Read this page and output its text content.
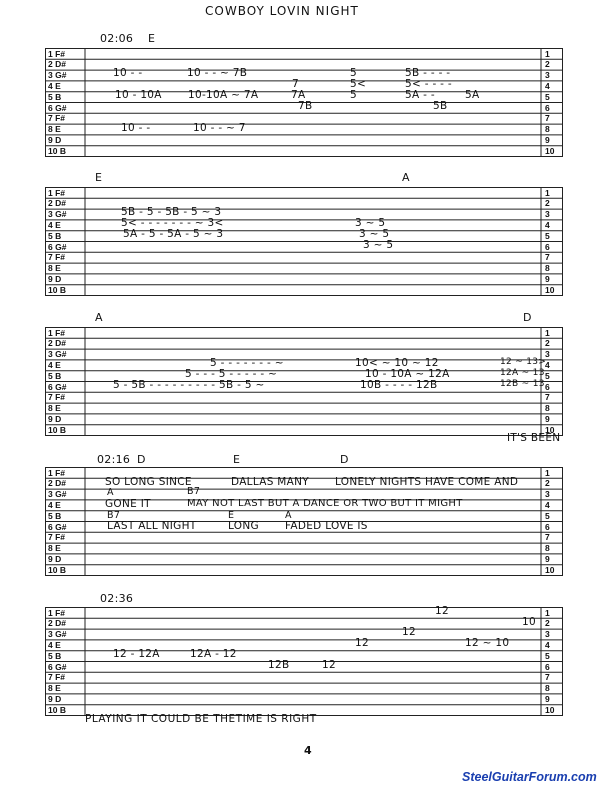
COWBOY LOVIN NIGHT
02:06 E
10 - -	10 - - ~ 7B	5	5B - - - -
7	5<	5< - - - -
10 - 10A 10-10A ~ 7A	7A	5	5A - -	5A
7B	5B
10 - -	10 - - ~ 7
1 F#	1
2 D#	2
3 G#	3
4 E	4
5 B	5
6 G#	6
7 F#	7
8 E	8
9 D	9
10 B	10
E	A
5B - 5 - 5B - 5 ~ 3
5< - - - - - - - ~ 3<	3 ~ 5
5A - 5 - 5A - 5 ~ 3	3 ~ 5
3 ~ 5
1 F#	1
2 D#	2
3 G#	3
4 E	4
5 B	5
6 G#	6
7 F#	7
8 E	8
9 D	9
10 B	10
A	D
5 - - - - - - - ~	10< ~ 10 ~ 12	12 ~ 13>
5 - - - 5 - - - - - ~	10 - 10A ~ 12A	12A ~ 13
5 - 5B - - - - - - - - - 5B - 5 ~	10B - - - - 12B	12B ~ 13
IT'S BEEN
1 F#	1
2 D#	2
3 G#	3
4 E	4
5 B	5
6 G#	6
7 F#	7
8 E	8
9 D	9
10 B	10
02:16 D	E	D
SO LONG SINCE	DALLAS MANY LONELY NIGHTS HAVE COME AND
A	B7
GONE IT	MAY NOT LAST BUT A DANCE OR TWO BUT IT MIGHT
B7	E	A
LAST ALL NIGHT	LONG FADED LOVE IS
1 F#	1
2 D#	2
3 G#	3
4 E	4
5 B	5
6 G#	6
7 F#	7
8 E	8
9 D	9
10 B	10
02:36
12
10
12
12	12 ~ 10
12 - 12A	12A - 12
12B	12
PLAYING IT COULD BE THETIME IS RIGHT
1 F#	1
2 D#	2
3 G#	3
4 E	4
5 B	5
6 G#	6
7 F#	7
8 E	8
9 D	9
10 B	10
4
SteelGuitarForum.com
